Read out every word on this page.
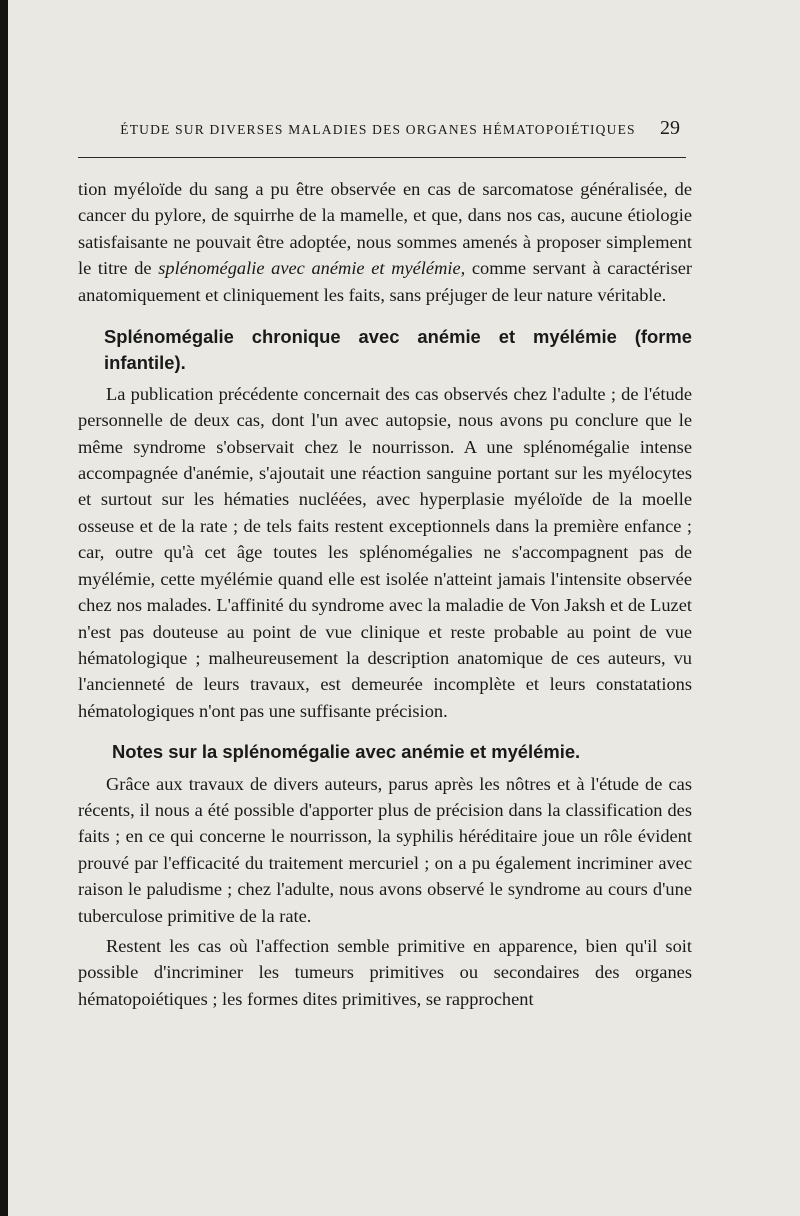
ÉTUDE SUR DIVERSES MALADIES DES ORGANES HÉMATOPOIÉTIQUES 29

tion myéloïde du sang a pu être observée en cas de sarcomatose généralisée, de cancer du pylore, de squirrhe de la mamelle, et que, dans nos cas, aucune étiologie satisfaisante ne pouvait être adoptée, nous sommes amenés à proposer simplement le titre de splénomégalie avec anémie et myélémie, comme servant à caractériser anatomiquement et cliniquement les faits, sans préjuger de leur nature véritable.

Splénomégalie chronique avec anémie et myélémie (forme infantile).

La publication précédente concernait des cas observés chez l'adulte ; de l'étude personnelle de deux cas, dont l'un avec autopsie, nous avons pu conclure que le même syndrome s'observait chez le nourrisson. A une splénomégalie intense accompagnée d'anémie, s'ajoutait une réaction sanguine portant sur les myélocytes et surtout sur les hématies nucléées, avec hyperplasie myéloïde de la moelle osseuse et de la rate ; de tels faits restent exceptionnels dans la première enfance ; car, outre qu'à cet âge toutes les splénomégalies ne s'accompagnent pas de myélémie, cette myélémie quand elle est isolée n'atteint jamais l'intensite observée chez nos malades. L'affinité du syndrome avec la maladie de Von Jaksh et de Luzet n'est pas douteuse au point de vue clinique et reste probable au point de vue hématologique ; malheureusement la description anatomique de ces auteurs, vu l'ancienneté de leurs travaux, est demeurée incomplète et leurs constatations hématologiques n'ont pas une suffisante précision.

Notes sur la splénomégalie avec anémie et myélémie.

Grâce aux travaux de divers auteurs, parus après les nôtres et à l'étude de cas récents, il nous a été possible d'apporter plus de précision dans la classification des faits ; en ce qui concerne le nourrisson, la syphilis héréditaire joue un rôle évident prouvé par l'efficacité du traitement mercuriel ; on a pu également incriminer avec raison le paludisme ; chez l'adulte, nous avons observé le syndrome au cours d'une tuberculose primitive de la rate.

Restent les cas où l'affection semble primitive en apparence, bien qu'il soit possible d'incriminer les tumeurs primitives ou secondaires des organes hématopoiétiques ; les formes dites primitives, se rapprochent
